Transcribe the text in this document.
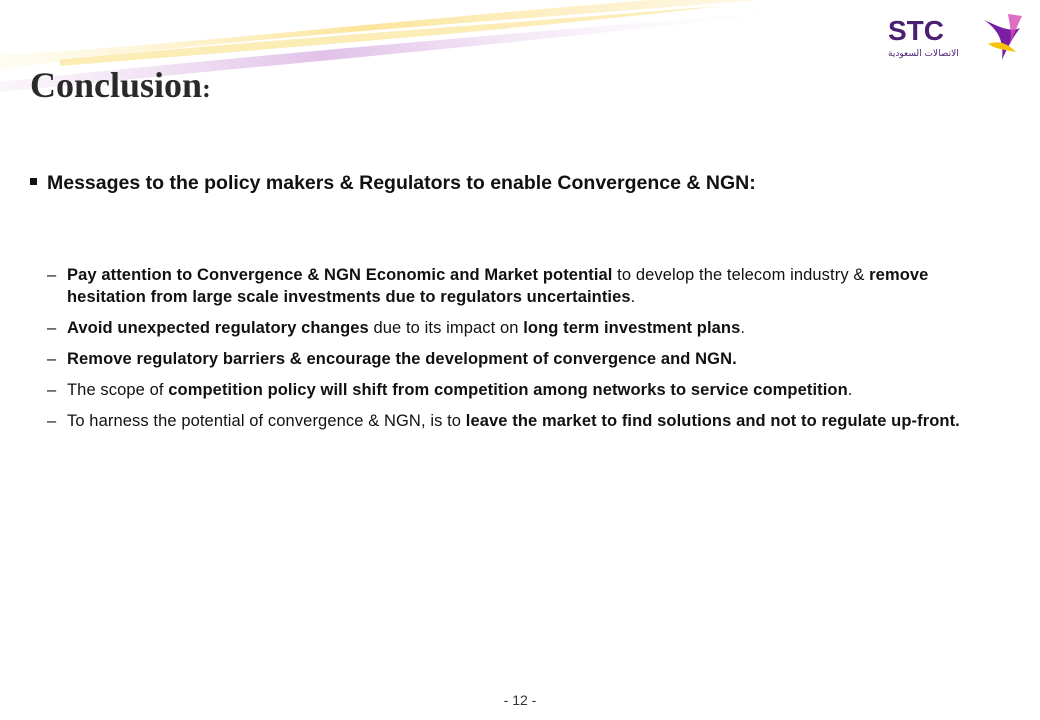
STC
الاتصالات السعودية
Conclusion:
Messages to the policy makers & Regulators to enable Convergence & NGN:
– Pay attention to Convergence & NGN Economic and Market potential to develop the telecom industry & remove hesitation from large scale investments due to regulators uncertainties.
– Avoid unexpected regulatory changes due to its impact on long term investment plans.
– Remove regulatory barriers & encourage the development of convergence and NGN.
– The scope of competition policy will shift from competition among networks to service competition.
– To harness the potential of convergence & NGN, is to leave the market to find solutions and not to regulate up-front.
- 12 -
